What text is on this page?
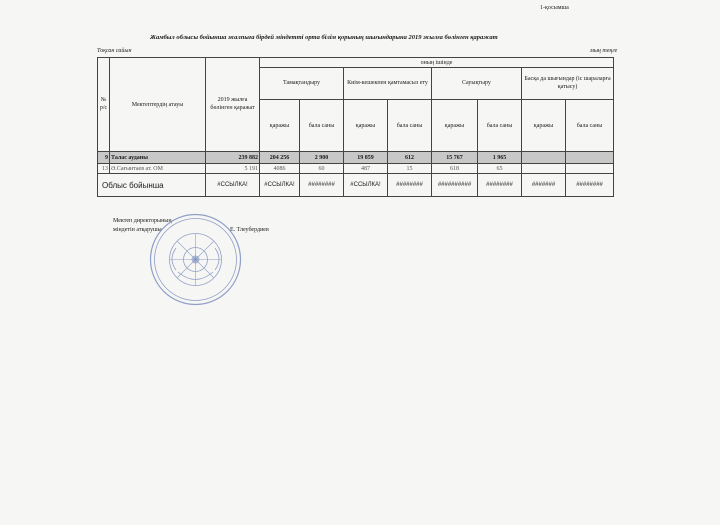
1-қосымша
Жамбыл облысы бойынша жалпыға бірдей міндетті орта білім қорының шығындарына 2019 жылға бөлінген қаражат
Тоқсан сайын	мың теңге
№ р/с	Мектептердің атауы	2019 жылға бөлінген қаражат	оның ішінде							
			Тамақтандыру		Киім-кешекпен қамтамасыз ету		Сауықтыру		Басқа да шығындар (іс шараларға қатысу)	
			қаражы	бала саны	қаражы	бала саны	қаражы	бала саны	қаражы	бала саны
9	Талас ауданы	239 882	204 256	2 900	19 859	612	15 767	1 965		
13	Ә.Сағынтаев ат. ОМ	5 191	4086	60	487	15	618	65		
Облыс бойынша		#ССЫЛКА!	#ССЫЛКА!	########	#ССЫЛКА!	########	##########	########	#######	########
Мектеп директорының
міндетін атқарушы	Е. Тлеубердиев
